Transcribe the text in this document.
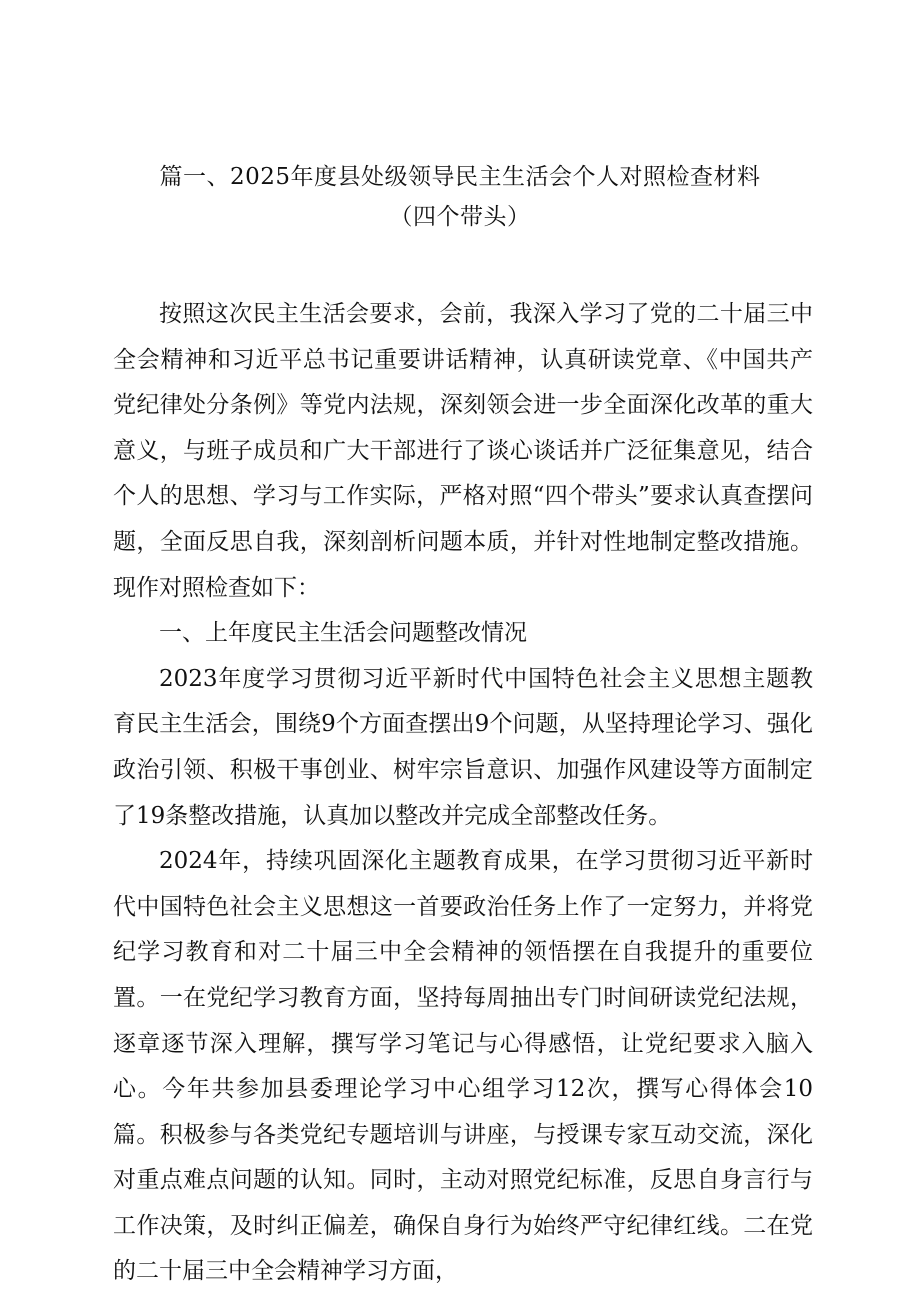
篇一、2025年度县处级领导民主生活会个人对照检查材料
（四个带头）

按照这次民主生活会要求，会前，我深入学习了党的二十届三中全会精神和习近平总书记重要讲话精神，认真研读党章、《中国共产党纪律处分条例》等党内法规，深刻领会进一步全面深化改革的重大意义，与班子成员和广大干部进行了谈心谈话并广泛征集意见，结合个人的思想、学习与工作实际，严格对照“四个带头”要求认真查摆问题，全面反思自我，深刻剖析问题本质，并针对性地制定整改措施。现作对照检查如下：

一、上年度民主生活会问题整改情况

2023年度学习贯彻习近平新时代中国特色社会主义思想主题教育民主生活会，围绕9个方面查摆出9个问题，从坚持理论学习、强化政治引领、积极干事创业、树牢宗旨意识、加强作风建设等方面制定了19条整改措施，认真加以整改并完成全部整改任务。

2024年，持续巩固深化主题教育成果，在学习贯彻习近平新时代中国特色社会主义思想这一首要政治任务上作了一定努力，并将党纪学习教育和对二十届三中全会精神的领悟摆在自我提升的重要位置。一在党纪学习教育方面，坚持每周抽出专门时间研读党纪法规，逐章逐节深入理解，撰写学习笔记与心得感悟，让党纪要求入脑入心。今年共参加县委理论学习中心组学习12次，撰写心得体会10篇。积极参与各类党纪专题培训与讲座，与授课专家互动交流，深化对重点难点问题的认知。同时，主动对照党纪标准，反思自身言行与工作决策，及时纠正偏差，确保自身行为始终严守纪律红线。二在党的二十届三中全会精神学习方面，
